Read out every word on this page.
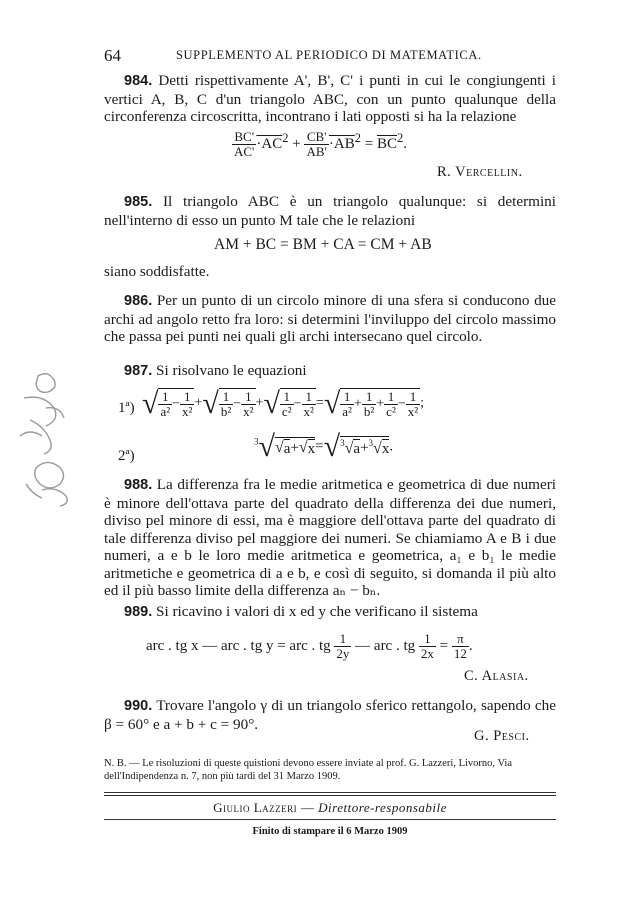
64	SUPPLEMENTO AL PERIODICO DI MATEMATICA.
984. Detti rispettivamente A', B', C' i punti in cui le congiungenti i vertici A, B, C d'un triangolo ABC, con un punto qualunque della circonferenza circoscritta, incontrano i lati opposti si ha la relazione
$\frac{BC'}{AC'} \cdot AC^2 + \frac{CB'}{AB'} \cdot AB^2 = \overline{BC}^2$.
R. Vercellin.
985. Il triangolo ABC è un triangolo qualunque: si determini nell'interno di esso un punto M tale che le relazioni
AM + BC = BM + CA = CM + AB
siano soddisfatte.
986. Per un punto di un circolo minore di una sfera si conducono due archi ad angolo retto fra loro: si determini l'inviluppo del circolo massimo che passa pei punti nei quali gli archi intersecano quel circolo.
987. Si risolvano le equazioni
1ª) √ $\frac{1}{\text{a²}} - \frac{1}{\text{x²}}$ +√ $\frac{1}{\text{b²}} - \frac{1}{\text{x²}}$ +√ $\frac{1}{\text{c²}} - \frac{1}{\text{x²}}$ =√ $\frac{1}{\text{a²}} + \frac{1}{\text{b²}} + \frac{1}{\text{c²}} - \frac{1}{\text{x²}}$ ;
2ª)
$^3$√√a+√x=√$^3$√a+$^3$√x.
988. La differenza fra le medie aritmetica e geometrica di due numeri è minore dell'ottava parte del quadrato della differenza dei due numeri, diviso pel minore di essi, ma è maggiore dell'ottava parte del quadrato di tale differenza diviso pel maggiore dei numeri. Se chiamiamo A e B i due numeri, a e b le loro medie aritmetica e geometrica, a₁ e b₁ le medie aritmetiche e geometrica di a e b, e così di seguito, si domanda il più alto ed il più basso limite della differenza aₙ − bₙ.
989. Si ricavino i valori di x ed y che verificano il sistema
arc . tg x — arc . tg y = arc . tg $\frac{1}{2y}$ — arc . tg $\frac{1}{2x} = \frac{\pi}{12}$ .
C. Alasia.
990. Trovare l'angolo γ di un triangolo sferico rettangolo, sapendo che β = 60° e a + b + c = 90°.
G. Pesci.
N. B. — Le risoluzioni di queste quistioni devono essere inviate al prof. G. Lazzeri, Livorno, Via dell'Indipendenza n. 7, non più tardi del 31 Marzo 1909.
Giulio Lazzeri — Direttore-responsabile
Finito di stampare il 6 Marzo 1909
